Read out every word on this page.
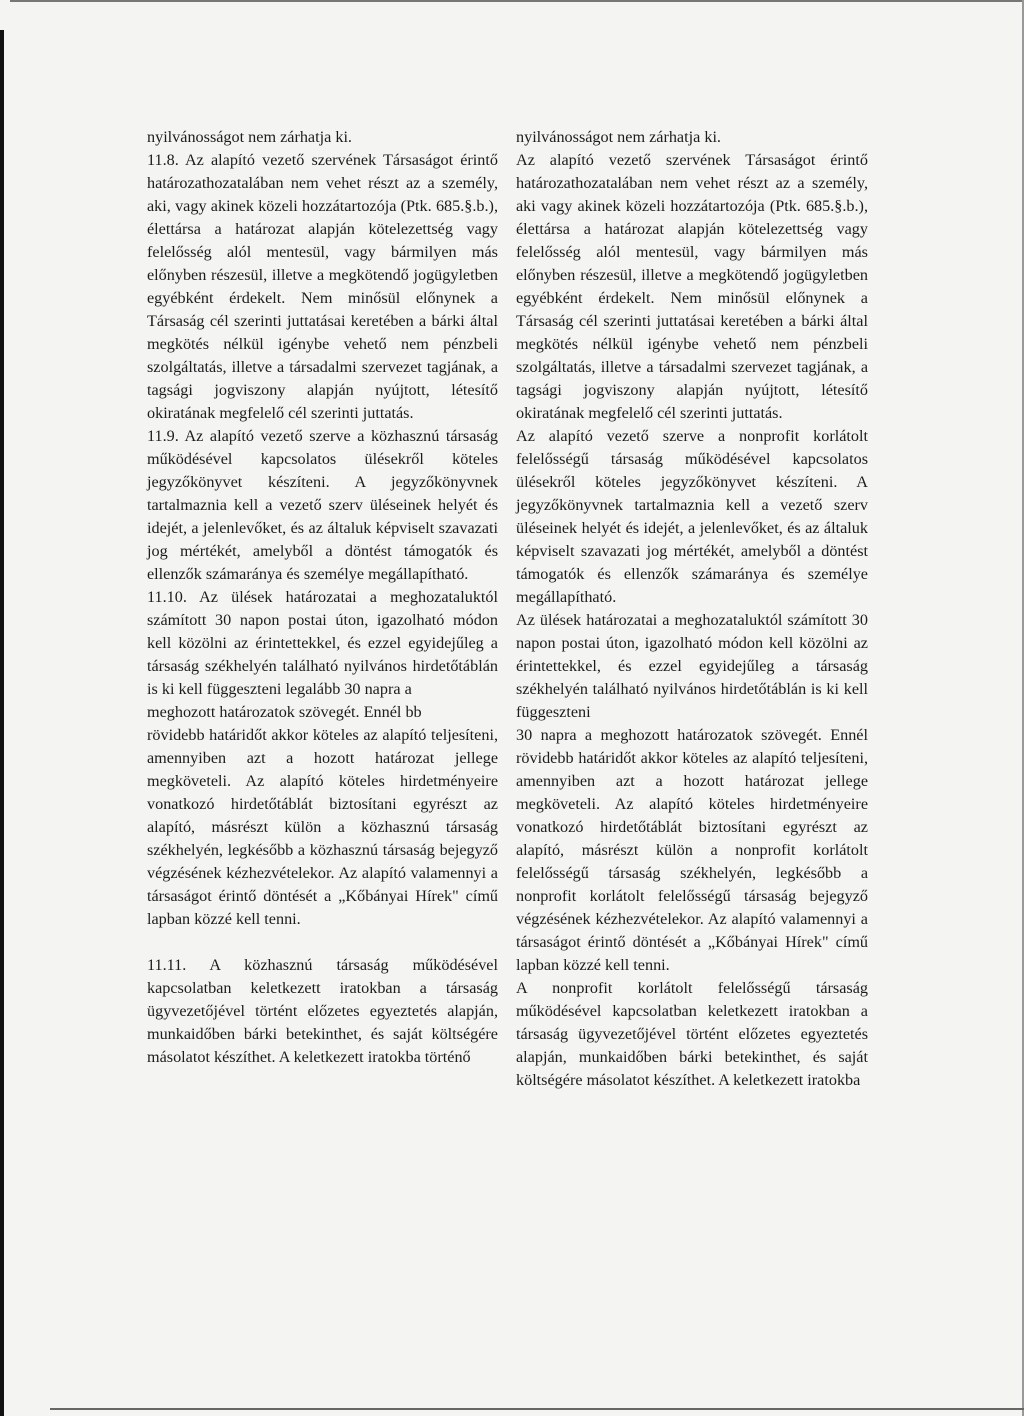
nyilvánosságot nem zárhatja ki.

11.8. Az alapító vezető szervének Társaságot érintő határozathozatalában nem vehet részt az a személy, aki, vagy akinek közeli hozzátartozója (Ptk. 685.§.b.), élettársa a határozat alapján kötelezettség vagy felelősség alól mentesül, vagy bármilyen más előnyben részesül, illetve a megkötendő jogügyletben egyébként érdekelt. Nem minősül előnynek a Társaság cél szerinti juttatásai keretében a bárki által megkötés nélkül igénybe vehető nem pénzbeli szolgáltatás, illetve a társadalmi szervezet tagjának, a tagsági jogviszony alapján nyújtott, létesítő okiratának megfelelő cél szerinti juttatás.

11.9. Az alapító vezető szerve a közhasznú társaság működésével kapcsolatos ülésekről köteles jegyzőkönyvet készíteni. A jegyzőkönyvnek tartalmaznia kell a vezető szerv üléseinek helyét és idejét, a jelenlevőket, és az általuk képviselt szavazati jog mértékét, amelyből a döntést támogatók és ellenzők számaránya és személye megállapítható.

11.10. Az ülések határozatai a meghozataluktól számított 30 napon postai úton, igazolható módon kell közölni az érintettekkel, és ezzel egyidejűleg a társaság székhelyén található nyilvános hirdetőtáblán is ki kell függeszteni legalább 30 napra a

meghozott határozatok szövegét. Ennél bb

rövidebb határidőt akkor köteles az alapító teljesíteni, amennyiben azt a hozott határozat jellege megköveteli. Az alapító köteles hirdetményeire vonatkozó hirdetőtáblát biztosítani egyrészt az alapító, másrészt külön a közhasznú társaság székhelyén, legkésőbb a közhasznú társaság bejegyző végzésének kézhezvételekor. Az alapító valamennyi a társaságot érintő döntését a „Kőbányai Hírek" című lapban közzé kell tenni.

11.11. A közhasznú társaság működésével kapcsolatban keletkezett iratokban a társaság ügyvezetőjével történt előzetes egyeztetés alapján, munkaidőben bárki betekinthet, és saját költségére másolatot készíthet. A keletkezett iratokba történő

nyilvánosságot nem zárhatja ki.

Az alapító vezető szervének Társaságot érintő határozathozatalában nem vehet részt az a személy, aki vagy akinek közeli hozzátartozója (Ptk. 685.§.b.), élettársa a határozat alapján kötelezettség vagy felelősség alól mentesül, vagy bármilyen más előnyben részesül, illetve a megkötendő jogügyletben egyébként érdekelt. Nem minősül előnynek a Társaság cél szerinti juttatásai keretében a bárki által megkötés nélkül igénybe vehető nem pénzbeli szolgáltatás, illetve a társadalmi szervezet tagjának, a tagsági jogviszony alapján nyújtott, létesítő okiratának megfelelő cél szerinti juttatás.

Az alapító vezető szerve a nonprofit korlátolt felelősségű társaság működésével kapcsolatos ülésekről köteles jegyzőkönyvet készíteni. A jegyzőkönyvnek tartalmaznia kell a vezető szerv üléseinek helyét és idejét, a jelenlevőket, és az általuk képviselt szavazati jog mértékét, amelyből a döntést támogatók és ellenzők számaránya és személye megállapítható.

Az ülések határozatai a meghozataluktól számított 30 napon postai úton, igazolható módon kell közölni az érintettekkel, és ezzel egyidejűleg a társaság székhelyén található nyilvános hirdetőtáblán is ki kell függeszteni

30 napra a meghozott határozatok szövegét. Ennél rövidebb határidőt akkor köteles az alapító teljesíteni, amennyiben azt a hozott határozat jellege megköveteli. Az alapító köteles hirdetményeire vonatkozó hirdetőtáblát biztosítani egyrészt az alapító, másrészt külön a nonprofit korlátolt felelősségű társaság székhelyén, legkésőbb a nonprofit korlátolt felelősségű társaság bejegyző végzésének kézhezvételekor. Az alapító valamennyi a társaságot érintő döntését a „Kőbányai Hírek" című lapban közzé kell tenni.

A nonprofit korlátolt felelősségű társaság működésével kapcsolatban keletkezett iratokban a társaság ügyvezetőjével történt előzetes egyeztetés alapján, munkaidőben bárki betekinthet, és saját költségére másolatot készíthet. A keletkezett iratokba
